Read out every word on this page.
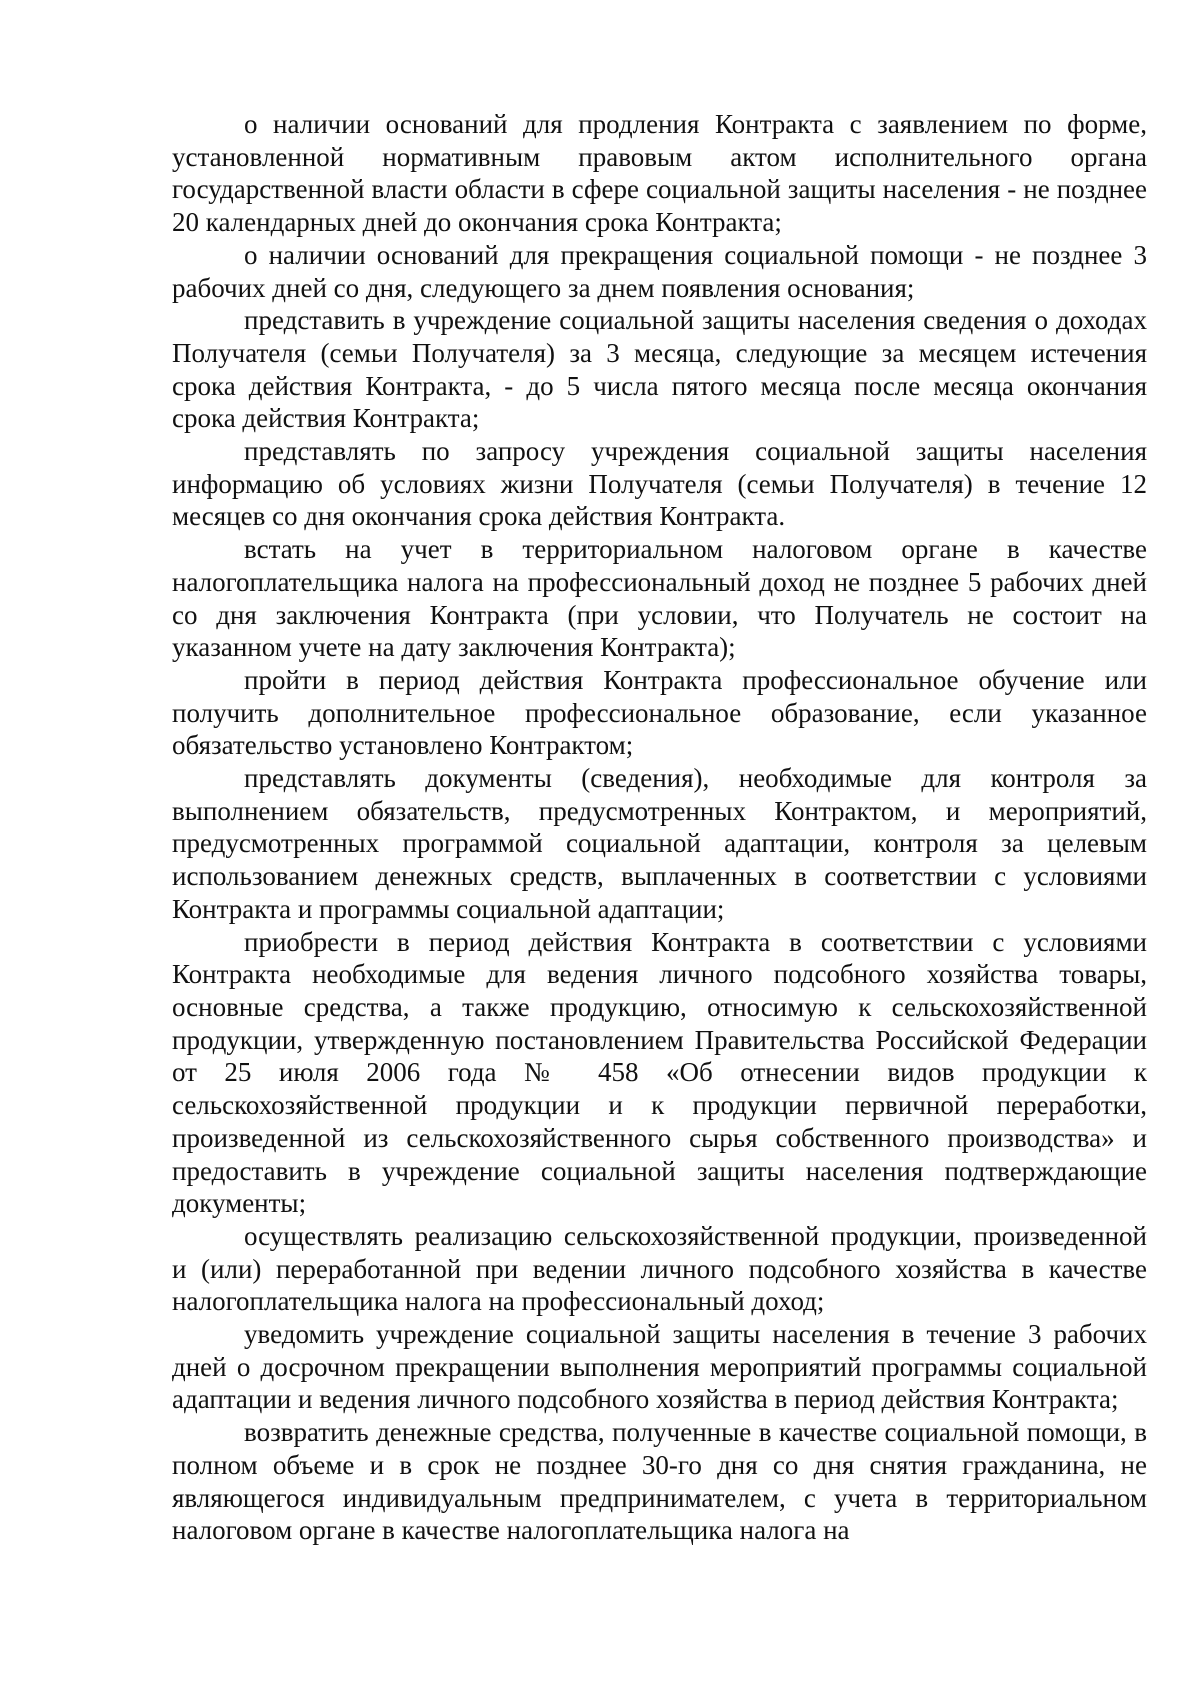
о наличии оснований для продления Контракта с заявлением по форме, установленной нормативным правовым актом исполнительного органа государственной власти области в сфере социальной защиты населения - не позднее 20 календарных дней до окончания срока Контракта;

о наличии оснований для прекращения социальной помощи - не позднее 3 рабочих дней со дня, следующего за днем появления основания;

представить в учреждение социальной защиты населения сведения о доходах Получателя (семьи Получателя) за 3 месяца, следующие за месяцем истечения срока действия Контракта, - до 5 числа пятого месяца после месяца окончания срока действия Контракта;

представлять по запросу учреждения социальной защиты населения информацию об условиях жизни Получателя (семьи Получателя) в течение 12 месяцев со дня окончания срока действия Контракта.

встать на учет в территориальном налоговом органе в качестве налогоплательщика налога на профессиональный доход не позднее 5 рабочих дней со дня заключения Контракта (при условии, что Получатель не состоит на указанном учете на дату заключения Контракта);

пройти в период действия Контракта профессиональное обучение или получить дополнительное профессиональное образование, если указанное обязательство установлено Контрактом;

представлять документы (сведения), необходимые для контроля за выполнением обязательств, предусмотренных Контрактом, и мероприятий, предусмотренных программой социальной адаптации, контроля за целевым использованием денежных средств, выплаченных в соответствии с условиями Контракта и программы социальной адаптации;

приобрести в период действия Контракта в соответствии с условиями Контракта необходимые для ведения личного подсобного хозяйства товары, основные средства, а также продукцию, относимую к сельскохозяйственной продукции, утвержденную постановлением Правительства Российской Федерации от 25 июля 2006 года № 458 «Об отнесении видов продукции к сельскохозяйственной продукции и к продукции первичной переработки, произведенной из сельскохозяйственного сырья собственного производства» и предоставить в учреждение социальной защиты населения подтверждающие документы;

осуществлять реализацию сельскохозяйственной продукции, произведенной и (или) переработанной при ведении личного подсобного хозяйства в качестве налогоплательщика налога на профессиональный доход;

уведомить учреждение социальной защиты населения в течение 3 рабочих дней о досрочном прекращении выполнения мероприятий программы социальной адаптации и ведения личного подсобного хозяйства в период действия Контракта;

возвратить денежные средства, полученные в качестве социальной помощи, в полном объеме и в срок не позднее 30-го дня со дня снятия гражданина, не являющегося индивидуальным предпринимателем, с учета в территориальном налоговом органе в качестве налогоплательщика налога на
